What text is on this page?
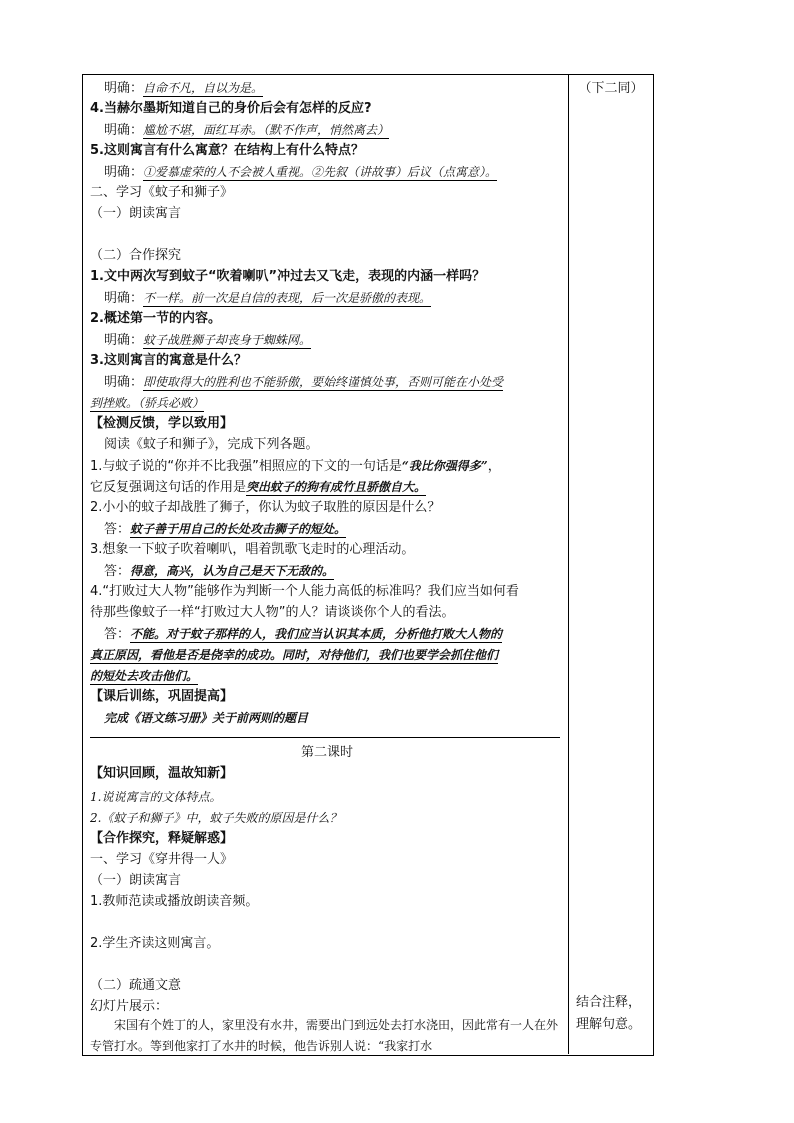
（下二同）
结合注释，
理解句意。
明确：自命不凡，自以为是。
4.当赫尔墨斯知道自己的身价后会有怎样的反应?
明确：尴尬不堪，面红耳赤。（默不作声，悄然离去）
5.这则寓言有什么寓意？在结构上有什么特点？
明确：①爱慕虚荣的人不会被人重视。②先叙（讲故事）后议（点寓意）。
二、学习《蚊子和狮子》
（一）朗读寓言
（二）合作探究
1.文中两次写到蚊子“吹着喇叭”冲过去又飞走，表现的内涵一样吗？
明确：不一样。前一次是自信的表现，后一次是骄傲的表现。
2.概述第一节的内容。
明确：蚊子战胜狮子却丧身于蜘蛛网。
3.这则寓言的寓意是什么？
明确：即使取得大的胜利也不能骄傲，要始终谨慎处事，否则可能在小处受
到挫败。（骄兵必败）
【检测反馈，学以致用】
阅读《蚊子和狮子》，完成下列各题。
1.与蚊子说的“你并不比我强”相照应的下文的一句话是“我比你强得多”，
它反复强调这句话的作用是突出蚊子的狗有成竹且骄傲自大。
2.小小的蚊子却战胜了狮子，你认为蚊子取胜的原因是什么？
答：蚊子善于用自己的长处攻击狮子的短处。
3.想象一下蚊子吹着喇叭，唱着凯歌飞走时的心理活动。
答：得意，高兴，认为自己是天下无敌的。
4.“打败过大人物”能够作为判断一个人能力高低的标准吗？我们应当如何看
待那些像蚊子一样“打败过大人物”的人？请谈谈你个人的看法。
答：不能。对于蚊子那样的人，我们应当认识其本质，分析他打败大人物的
真正原因，看他是否是侥幸的成功。同时，对待他们，我们也要学会抓住他们
的短处去攻击他们。
【课后训练，巩固提高】
完成《语文练习册》关于前两则的题目
第二课时
【知识回顾，温故知新】
1.说说寓言的文体特点。
2.《蚊子和狮子》中，蚊子失败的原因是什么？
【合作探究，释疑解惑】
一、学习《穿井得一人》
（一）朗读寓言
1.教师范读或播放朗读音频。
2.学生齐读这则寓言。
（二）疏通文意
幻灯片展示：
宋国有个姓丁的人，家里没有水井，需要出门到远处去打水浇田，因此常有一人在外专管打水。等到他家打了水井的时候，他告诉别人说：“我家打水
